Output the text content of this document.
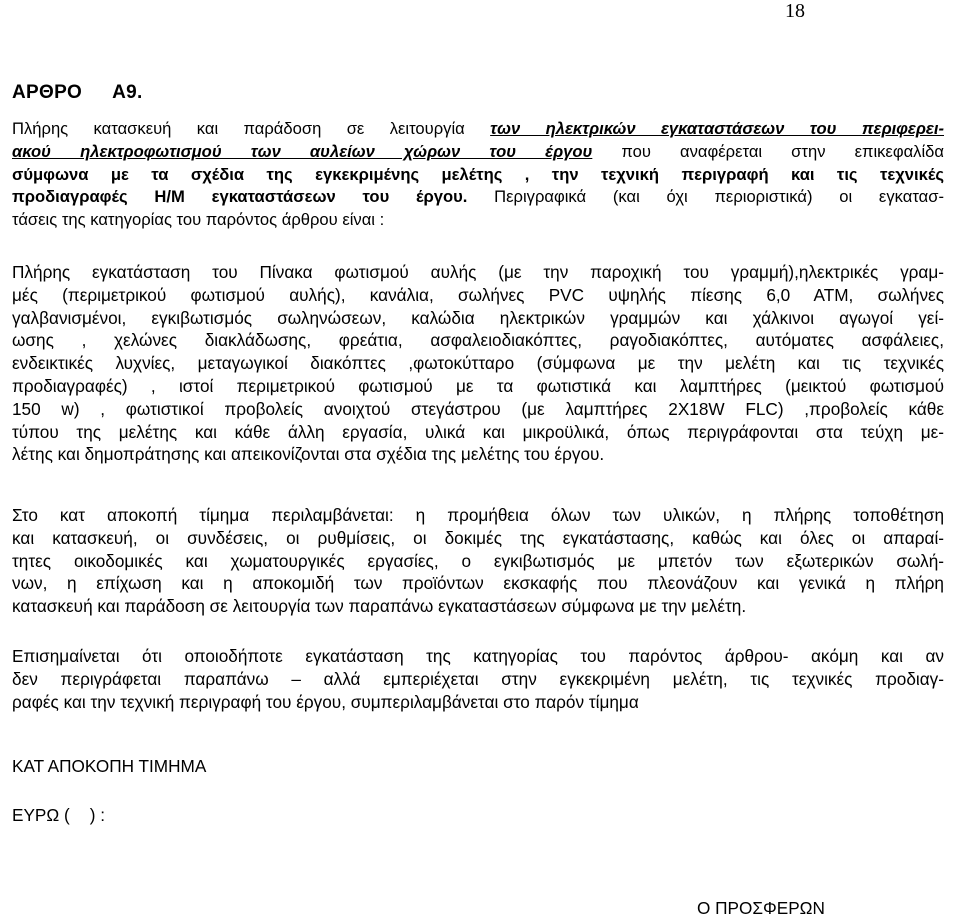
18
ΑΡΘΡΟ Α9.
Πλήρης κατασκευή και παράδοση σε λειτουργία των ηλεκτρικών εγκαταστάσεων του περιφερει-
ακού ηλεκτροφωτισμού των αυλείων χώρων του έργου που αναφέρεται στην επικεφαλίδα
σύμφωνα με τα σχέδια της εγκεκριμένης μελέτης , την τεχνική περιγραφή και τις τεχνικές
προδιαγραφές Η/Μ εγκαταστάσεων του έργου. Περιγραφικά (και όχι περιοριστικά) οι εγκατασ-
τάσεις της κατηγορίας του παρόντος άρθρου είναι :
Πλήρης εγκατάσταση του Πίνακα φωτισμού αυλής (με την παροχική του γραμμή),ηλεκτρικές γραμ-
μές (περιμετρικού φωτισμού αυλής), κανάλια, σωλήνες PVC υψηλής πίεσης 6,0 ΑΤΜ, σωλήνες
γαλβανισμένοι, εγκιβωτισμός σωληνώσεων, καλώδια ηλεκτρικών γραμμών και χάλκινοι αγωγοί γεί-
ωσης , χελώνες διακλάδωσης, φρεάτια, ασφαλειοδιακόπτες, ραγοδιακόπτες, αυτόματες ασφάλειες,
ενδεικτικές λυχνίες, μεταγωγικοί διακόπτες ,φωτοκύτταρο (σύμφωνα με την μελέτη και τις τεχνικές
προδιαγραφές) , ιστοί περιμετρικού φωτισμού με τα φωτιστικά και λαμπτήρες (μεικτού φωτισμού
150 w) , φωτιστικοί προβολείς ανοιχτού στεγάστρου (με λαμπτήρες 2Χ18W FLC) ,προβολείς κάθε
τύπου της μελέτης και κάθε άλλη εργασία, υλικά και μικροϋλικά, όπως περιγράφονται στα τεύχη με-
λέτης και δημοπράτησης και απεικονίζονται στα σχέδια της μελέτης του έργου.
Στο κατ αποκοπή τίμημα περιλαμβάνεται: η προμήθεια όλων των υλικών, η πλήρης τοποθέτηση
και κατασκευή, οι συνδέσεις, οι ρυθμίσεις, οι δοκιμές της εγκατάστασης, καθώς και όλες οι απαραί-
τητες οικοδομικές και χωματουργικές εργασίες, ο εγκιβωτισμός με μπετόν των εξωτερικών σωλή-
νων, η επίχωση και η αποκομιδή των προϊόντων εκσκαφής που πλεονάζουν και γενικά η πλήρη
κατασκευή και παράδοση σε λειτουργία των παραπάνω εγκαταστάσεων σύμφωνα με την μελέτη.
Επισημαίνεται ότι οποιοδήποτε εγκατάσταση της κατηγορίας του παρόντος άρθρου- ακόμη και αν
δεν περιγράφεται παραπάνω – αλλά εμπεριέχεται στην εγκεκριμένη μελέτη, τις τεχνικές προδιαγ-
ραφές και την τεχνική περιγραφή του έργου, συμπεριλαμβάνεται στο παρόν τίμημα
ΚΑΤ ΑΠΟΚΟΠΗ ΤΙΜΗΜΑ
ΕΥΡΩ ( ) :
Ο ΠΡΟΣΦΕΡΩΝ
